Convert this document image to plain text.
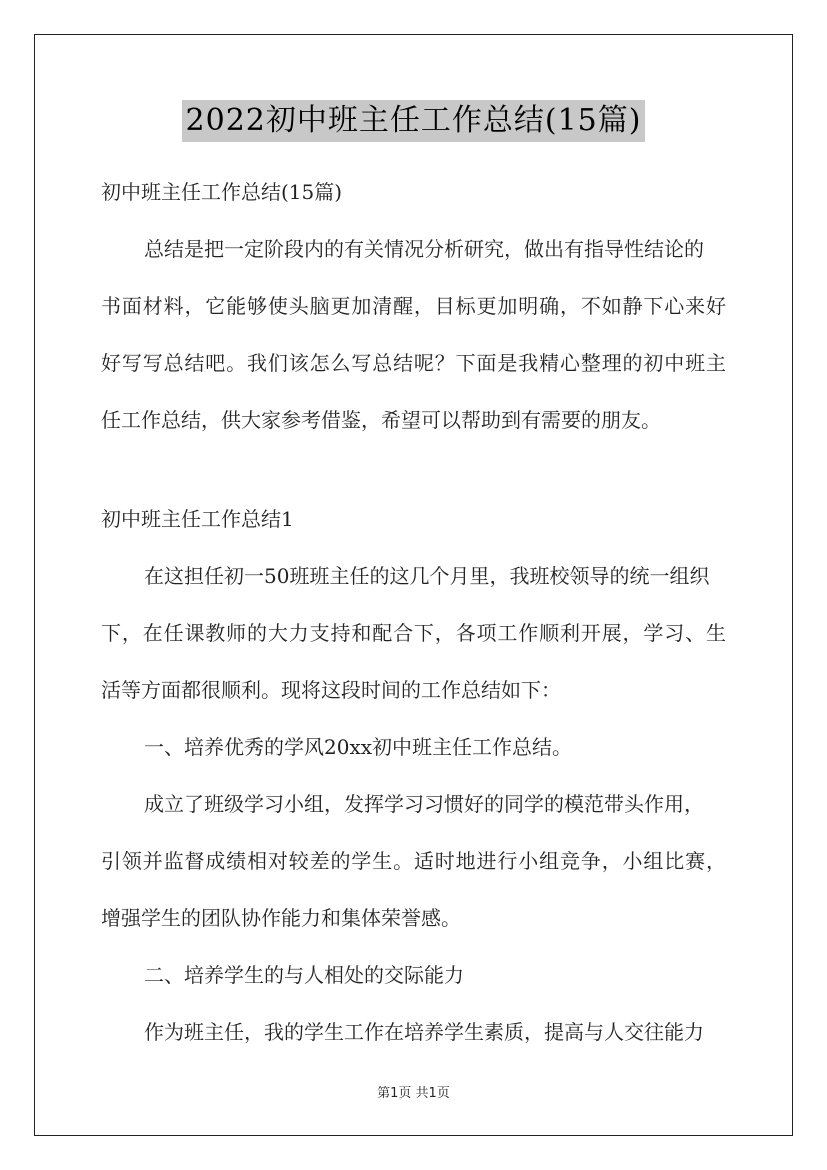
2022初中班主任工作总结(15篇)
初中班主任工作总结(15篇)
总结是把一定阶段内的有关情况分析研究，做出有指导性结论的
书面材料，它能够使头脑更加清醒，目标更加明确，不如静下心来好
好写写总结吧。我们该怎么写总结呢？下面是我精心整理的初中班主
任工作总结，供大家参考借鉴，希望可以帮助到有需要的朋友。
初中班主任工作总结1
在这担任初一50班班主任的这几个月里，我班校领导的统一组织
下，在任课教师的大力支持和配合下，各项工作顺利开展，学习、生
活等方面都很顺利。现将这段时间的工作总结如下：
一、培养优秀的学风20xx初中班主任工作总结。
成立了班级学习小组，发挥学习习惯好的同学的模范带头作用，
引领并监督成绩相对较差的学生。适时地进行小组竞争，小组比赛，
增强学生的团队协作能力和集体荣誉感。
二、培养学生的与人相处的交际能力
作为班主任，我的学生工作在培养学生素质，提高与人交往能力
第1页 共1页
